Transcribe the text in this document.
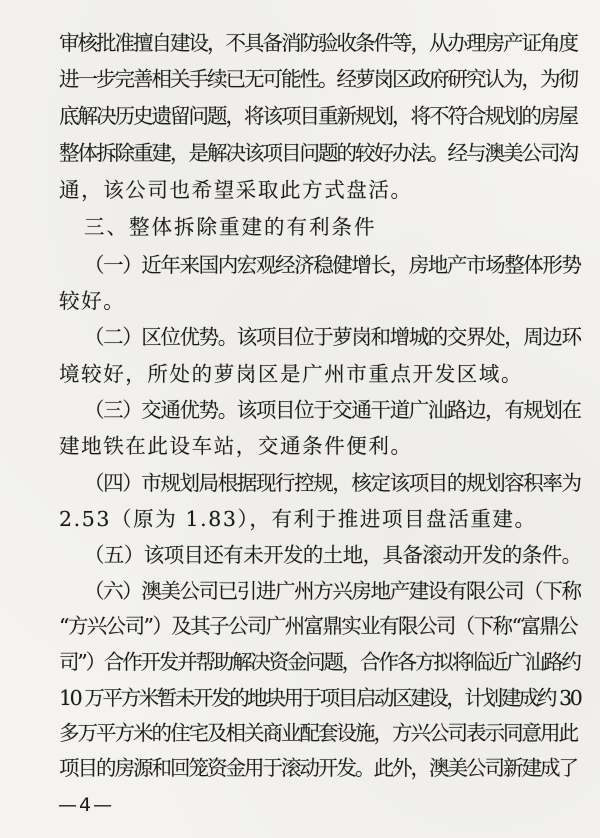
审核批准擅自建设，不具备消防验收条件等，从办理房产证角度
进一步完善相关手续已无可能性。经萝岗区政府研究认为，为彻
底解决历史遗留问题，将该项目重新规划，将不符合规划的房屋
整体拆除重建，是解决该项目问题的较好办法。经与澳美公司沟
通，该公司也希望采取此方式盘活。
三、整体拆除重建的有利条件
（一）近年来国内宏观经济稳健增长，房地产市场整体形势
较好。
（二）区位优势。该项目位于萝岗和增城的交界处，周边环
境较好，所处的萝岗区是广州市重点开发区域。
（三）交通优势。该项目位于交通干道广汕路边，有规划在
建地铁在此设车站，交通条件便利。
（四）市规划局根据现行控规，核定该项目的规划容积率为
2.53（原为 1.83），有利于推进项目盘活重建。
（五）该项目还有未开发的土地，具备滚动开发的条件。
（六）澳美公司已引进广州方兴房地产建设有限公司（下称
“方兴公司”）及其子公司广州富鼎实业有限公司（下称“富鼎公
司”）合作开发并帮助解决资金问题，合作各方拟将临近广汕路约
10 万平方米暂未开发的地块用于项目启动区建设，计划建成约 30
多万平方米的住宅及相关商业配套设施，方兴公司表示同意用此
项目的房源和回笼资金用于滚动开发。此外，澳美公司新建成了
—4—
